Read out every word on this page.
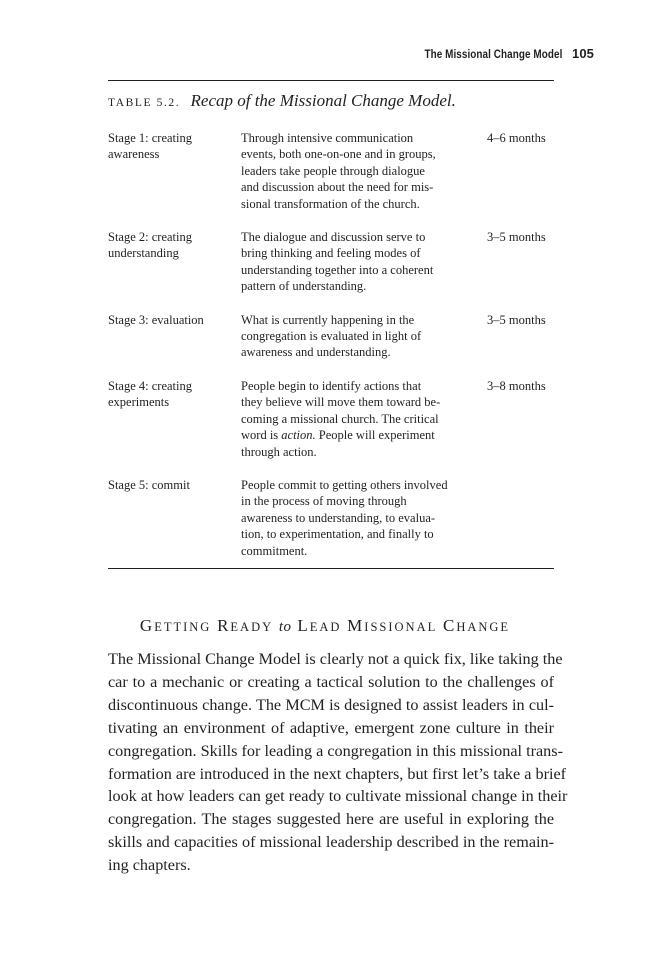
The Missional Change Model 105
TABLE 5.2. Recap of the Missional Change Model.
Stage 1: creating
awareness
Through intensive communication
events, both one-on-one and in groups,
leaders take people through dialogue
and discussion about the need for mis-
sional transformation of the church.
4–6 months
Stage 2: creating
understanding
The dialogue and discussion serve to
bring thinking and feeling modes of
understanding together into a coherent
pattern of understanding.
3–5 months
Stage 3: evaluation	What is currently happening in the
congregation is evaluated in light of
awareness and understanding.
3–5 months
Stage 4: creating
experiments
People begin to identify actions that
they believe will move them toward be-
coming a missional church. The critical
word is action. People will experiment
through action.
3–8 months
Stage 5: commit	People commit to getting others involved
in the process of moving through
awareness to understanding, to evalua-
tion, to experimentation, and finally to
commitment.
GETTING READY to LEAD MISSIONAL CHANGE
The Missional Change Model is clearly not a quick fix, like taking the
car to a mechanic or creating a tactical solution to the challenges of
discontinuous change. The MCM is designed to assist leaders in cul-
tivating an environment of adaptive, emergent zone culture in their
congregation. Skills for leading a congregation in this missional trans-
formation are introduced in the next chapters, but first let’s take a brief
look at how leaders can get ready to cultivate missional change in their
congregation. The stages suggested here are useful in exploring the
skills and capacities of missional leadership described in the remain-
ing chapters.
